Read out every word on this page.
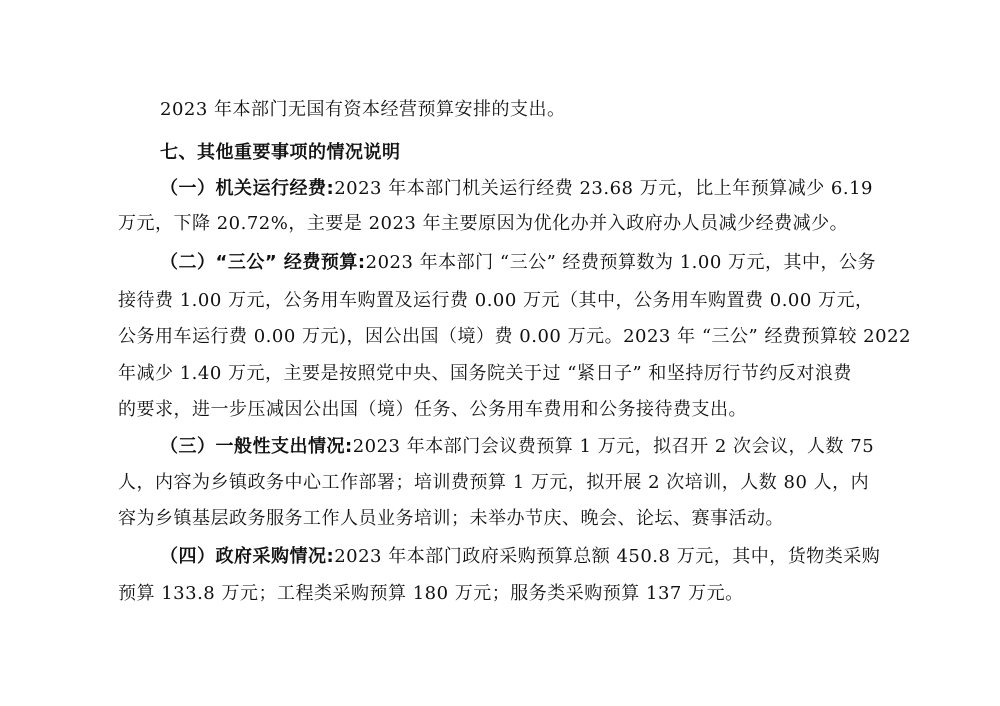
2023 年本部门无国有资本经营预算安排的支出。
七、其他重要事项的情况说明
（一）机关运行经费:2023 年本部门机关运行经费 23.68 万元，比上年预算减少 6.19
万元，下降 20.72%，主要是 2023 年主要原因为优化办并入政府办人员减少经费减少。
（二）“三公” 经费预算:2023 年本部门 “三公” 经费预算数为 1.00 万元，其中，公务
接待费 1.00 万元，公务用车购置及运行费 0.00 万元（其中，公务用车购置费 0.00 万元，
公务用车运行费 0.00 万元)，因公出国（境）费 0.00 万元。2023 年 “三公” 经费预算较 2022
年减少 1.40 万元，主要是按照党中央、国务院关于过 “紧日子” 和坚持厉行节约反对浪费
的要求，进一步压减因公出国（境）任务、公务用车费用和公务接待费支出。
（三）一般性支出情况:2023 年本部门会议费预算 1 万元，拟召开 2 次会议，人数 75
人，内容为乡镇政务中心工作部署；培训费预算 1 万元，拟开展 2 次培训，人数 80 人，内
容为乡镇基层政务服务工作人员业务培训；未举办节庆、晚会、论坛、赛事活动。
（四）政府采购情况:2023 年本部门政府采购预算总额 450.8 万元，其中，货物类采购
预算 133.8 万元；工程类采购预算 180 万元；服务类采购预算 137 万元。
